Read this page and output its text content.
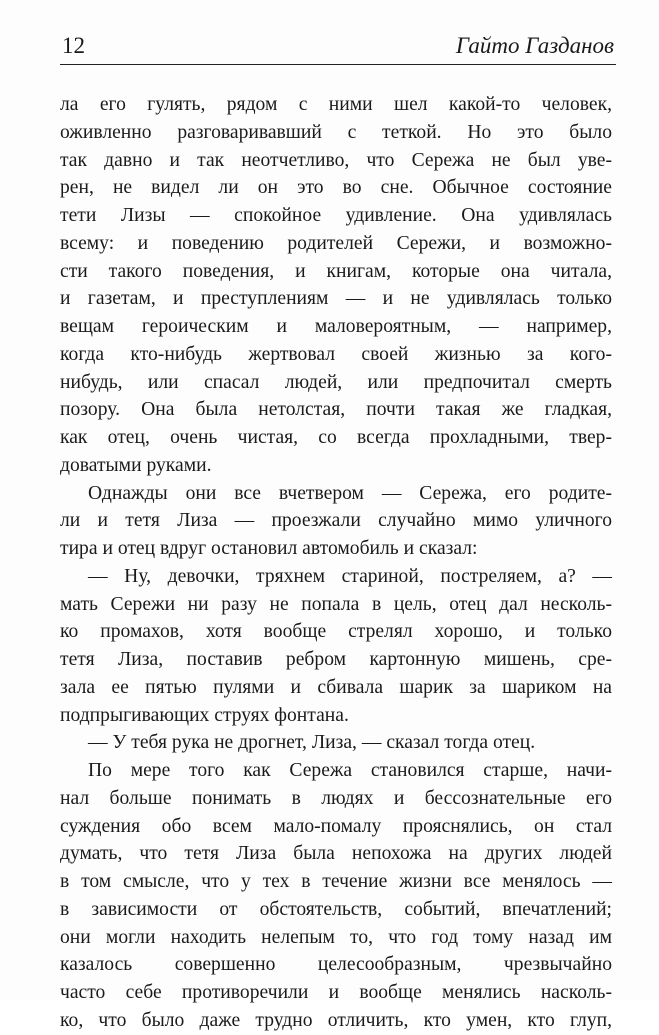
12	Гайто Газданов
ла его гулять, рядом с ними шел какой-то человек,
оживленно разговаривавший с теткой. Но это было
так давно и так неотчетливо, что Сережа не был уве-
рен, не видел ли он это во сне. Обычное состояние
тети Лизы — спокойное удивление. Она удивлялась
всему: и поведению родителей Сережи, и возможно-
сти такого поведения, и книгам, которые она читала,
и газетам, и преступлениям — и не удивлялась только
вещам героическим и маловероятным, — например,
когда кто-нибудь жертвовал своей жизнью за кого-
нибудь, или спасал людей, или предпочитал смерть
позору. Она была нетолстая, почти такая же гладкая,
как отец, очень чистая, со всегда прохладными, твер-
доватыми руками.
Однажды они все вчетвером — Сережа, его родите-
ли и тетя Лиза — проезжали случайно мимо уличного
тира и отец вдруг остановил автомобиль и сказал:
— Ну, девочки, тряхнем стариной, постреляем, а? —
мать Сережи ни разу не попала в цель, отец дал несколь-
ко промахов, хотя вообще стрелял хорошо, и только
тетя Лиза, поставив ребром картонную мишень, сре-
зала ее пятью пулями и сбивала шарик за шариком на
подпрыгивающих струях фонтана.
— У тебя рука не дрогнет, Лиза, — сказал тогда отец.
По мере того как Сережа становился старше, начи-
нал больше понимать в людях и бессознательные его
суждения обо всем мало-помалу прояснялись, он стал
думать, что тетя Лиза была непохожа на других людей
в том смысле, что у тех в течение жизни все менялось —
в зависимости от обстоятельств, событий, впечатлений;
они могли находить нелепым то, что год тому назад им
казалось совершенно целесообразным, чрезвычайно
часто себе противоречили и вообще менялись насколь-
ко, что было даже трудно отличить, кто умен, кто глуп,
